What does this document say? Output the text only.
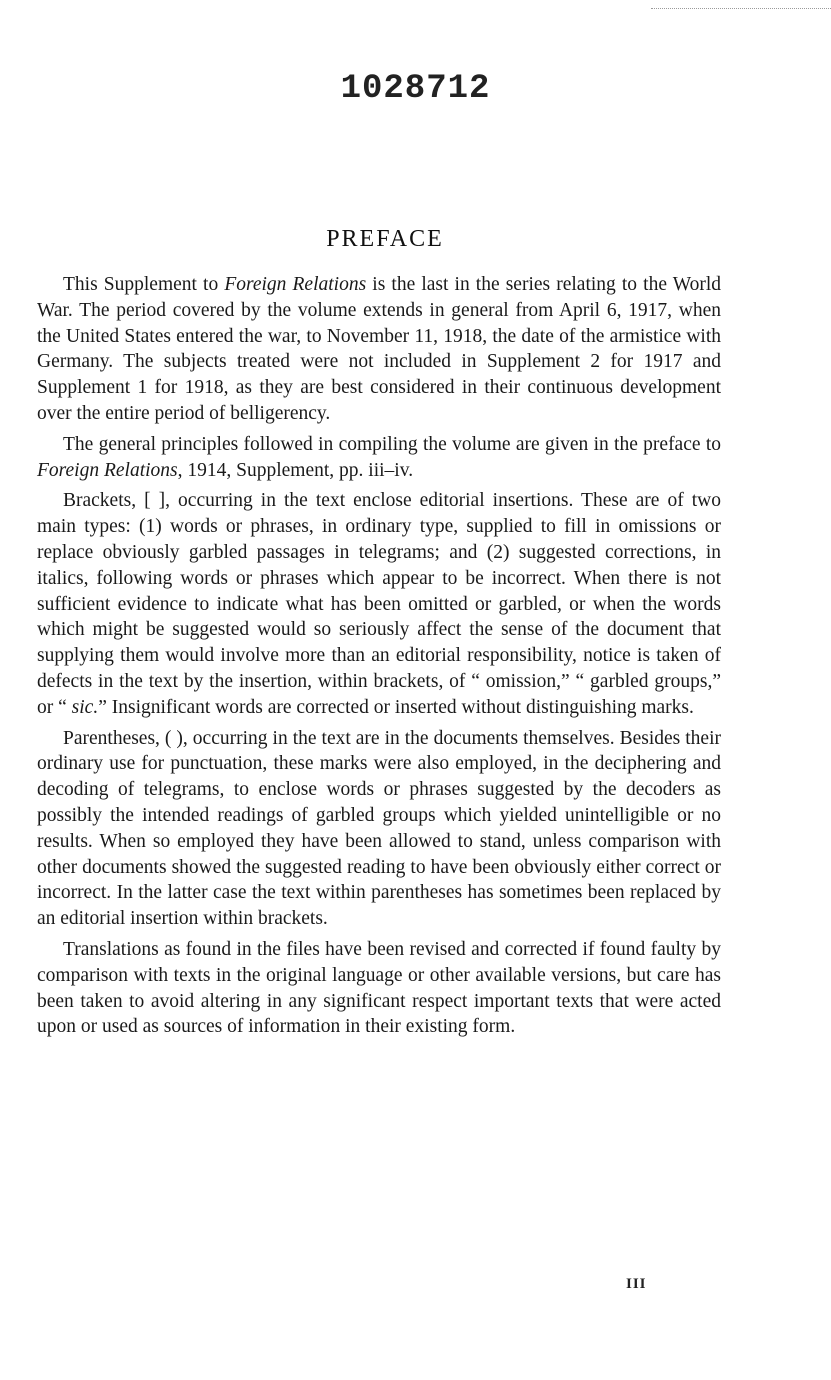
1028712
PREFACE

This Supplement to Foreign Relations is the last in the series relating to the World War. The period covered by the volume extends in general from April 6, 1917, when the United States entered the war, to November 11, 1918, the date of the armistice with Germany. The subjects treated were not included in Supplement 2 for 1917 and Supplement 1 for 1918, as they are best considered in their continuous development over the entire period of belligerency.

The general principles followed in compiling the volume are given in the preface to Foreign Relations, 1914, Supplement, pp. iii–iv.

Brackets, [ ], occurring in the text enclose editorial insertions. These are of two main types: (1) words or phrases, in ordinary type, supplied to fill in omissions or replace obviously garbled passages in telegrams; and (2) suggested corrections, in italics, following words or phrases which appear to be incorrect. When there is not sufficient evidence to indicate what has been omitted or garbled, or when the words which might be suggested would so seriously affect the sense of the document that supplying them would involve more than an editorial responsibility, notice is taken of defects in the text by the insertion, within brackets, of “ omission,” “ garbled groups,” or “ sic.” Insignificant words are corrected or inserted without distinguishing marks.

Parentheses, ( ), occurring in the text are in the documents themselves. Besides their ordinary use for punctuation, these marks were also employed, in the deciphering and decoding of telegrams, to enclose words or phrases suggested by the decoders as possibly the intended readings of garbled groups which yielded unintelligible or no results. When so employed they have been allowed to stand, unless comparison with other documents showed the suggested reading to have been obviously either correct or incorrect. In the latter case the text within parentheses has sometimes been replaced by an editorial insertion within brackets.

Translations as found in the files have been revised and corrected if found faulty by comparison with texts in the original language or other available versions, but care has been taken to avoid altering in any significant respect important texts that were acted upon or used as sources of information in their existing form.

III
